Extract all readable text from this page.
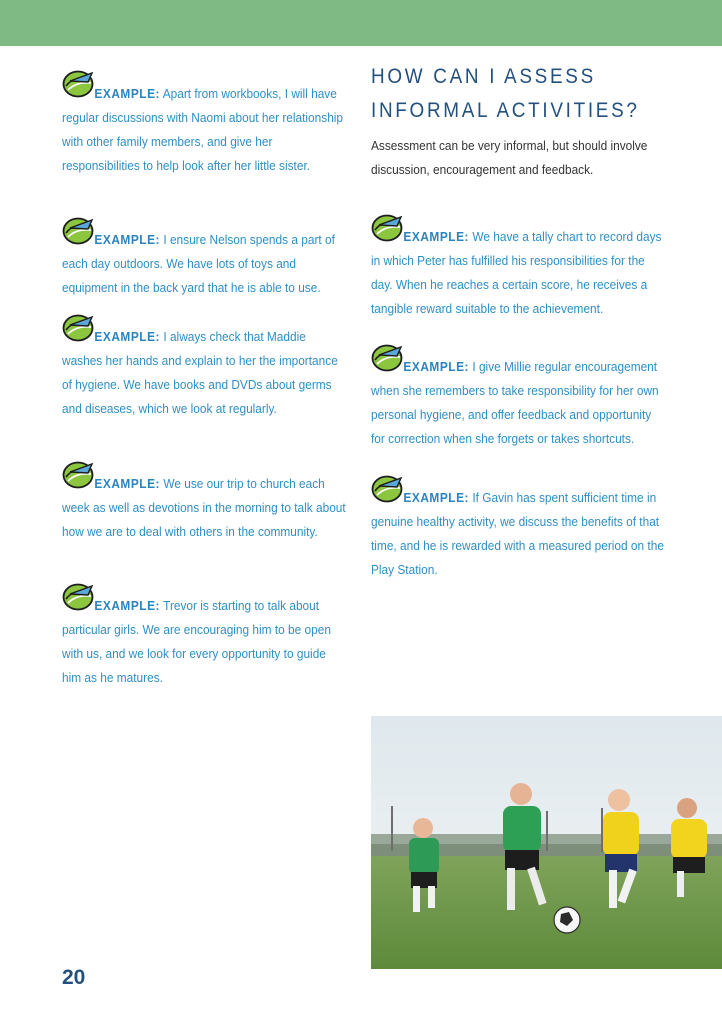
EXAMPLE: Apart from workbooks, I will have regular discussions with Naomi about her relationship with other family members, and give her responsibilities to help look after her little sister.
EXAMPLE: I ensure Nelson spends a part of each day outdoors. We have lots of toys and equipment in the back yard that he is able to use.
EXAMPLE: I always check that Maddie washes her hands and explain to her the importance of hygiene. We have books and DVDs about germs and diseases, which we look at regularly.
EXAMPLE: We use our trip to church each week as well as devotions in the morning to talk about how we are to deal with others in the community.
EXAMPLE: Trevor is starting to talk about particular girls. We are encouraging him to be open with us, and we look for every opportunity to guide him as he matures.
HOW CAN I ASSESS
INFORMAL ACTIVITIES?

Assessment can be very informal, but should involve discussion, encouragement and feedback.

EXAMPLE: We have a tally chart to record days in which Peter has fulfilled his responsibilities for the day. When he reaches a certain score, he receives a tangible reward suitable to the achievement.
EXAMPLE: I give Millie regular encouragement when she remembers to take responsibility for her own personal hygiene, and offer feedback and opportunity for correction when she forgets or takes shortcuts.
EXAMPLE: If Gavin has spent sufficient time in genuine healthy activity, we discuss the benefits of that time, and he is rewarded with a measured period on the Play Station.
20
